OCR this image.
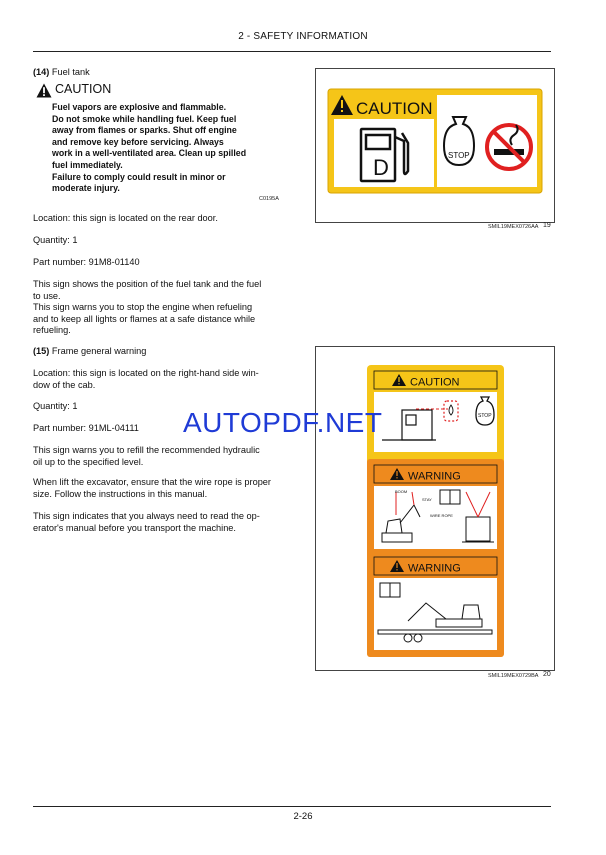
2 - SAFETY INFORMATION
(14) Fuel tank
CAUTION
Fuel vapors are explosive and flammable.
Do not smoke while handling fuel. Keep fuel
away from flames or sparks. Shut off engine
and remove key before servicing. Always
work in a well-ventilated area. Clean up spilled
fuel immediately.
Failure to comply could result in minor or
moderate injury.
C0195A
Location: this sign is located on the rear door.
Quantity: 1
Part number: 91M8-01140
This sign shows the position of the fuel tank and the fuel
to use.
This sign warns you to stop the engine when refueling
and to keep all lights or flames at a safe distance while
refueling.
CAUTION
D	STOP
SMIL19MEX0726AA 19
(15) Frame general warning
Location: this sign is located on the right-hand side win-
dow of the cab.
Quantity: 1
Part number: 91ML-04111
This sign warns you to refill the recommended hydraulic
oil up to the specified level.
When lift the excavator, ensure that the wire rope is proper
size. Follow the instructions in this manual.
This sign indicates that you always need to read the op-
erator's manual before you transport the machine.
CAUTION
STOP
WARNING
BOOM
STAY
WIRE ROPE
WARNING
SMIL19MEX0729BA 20
AUTOPDF.NET
2-26
